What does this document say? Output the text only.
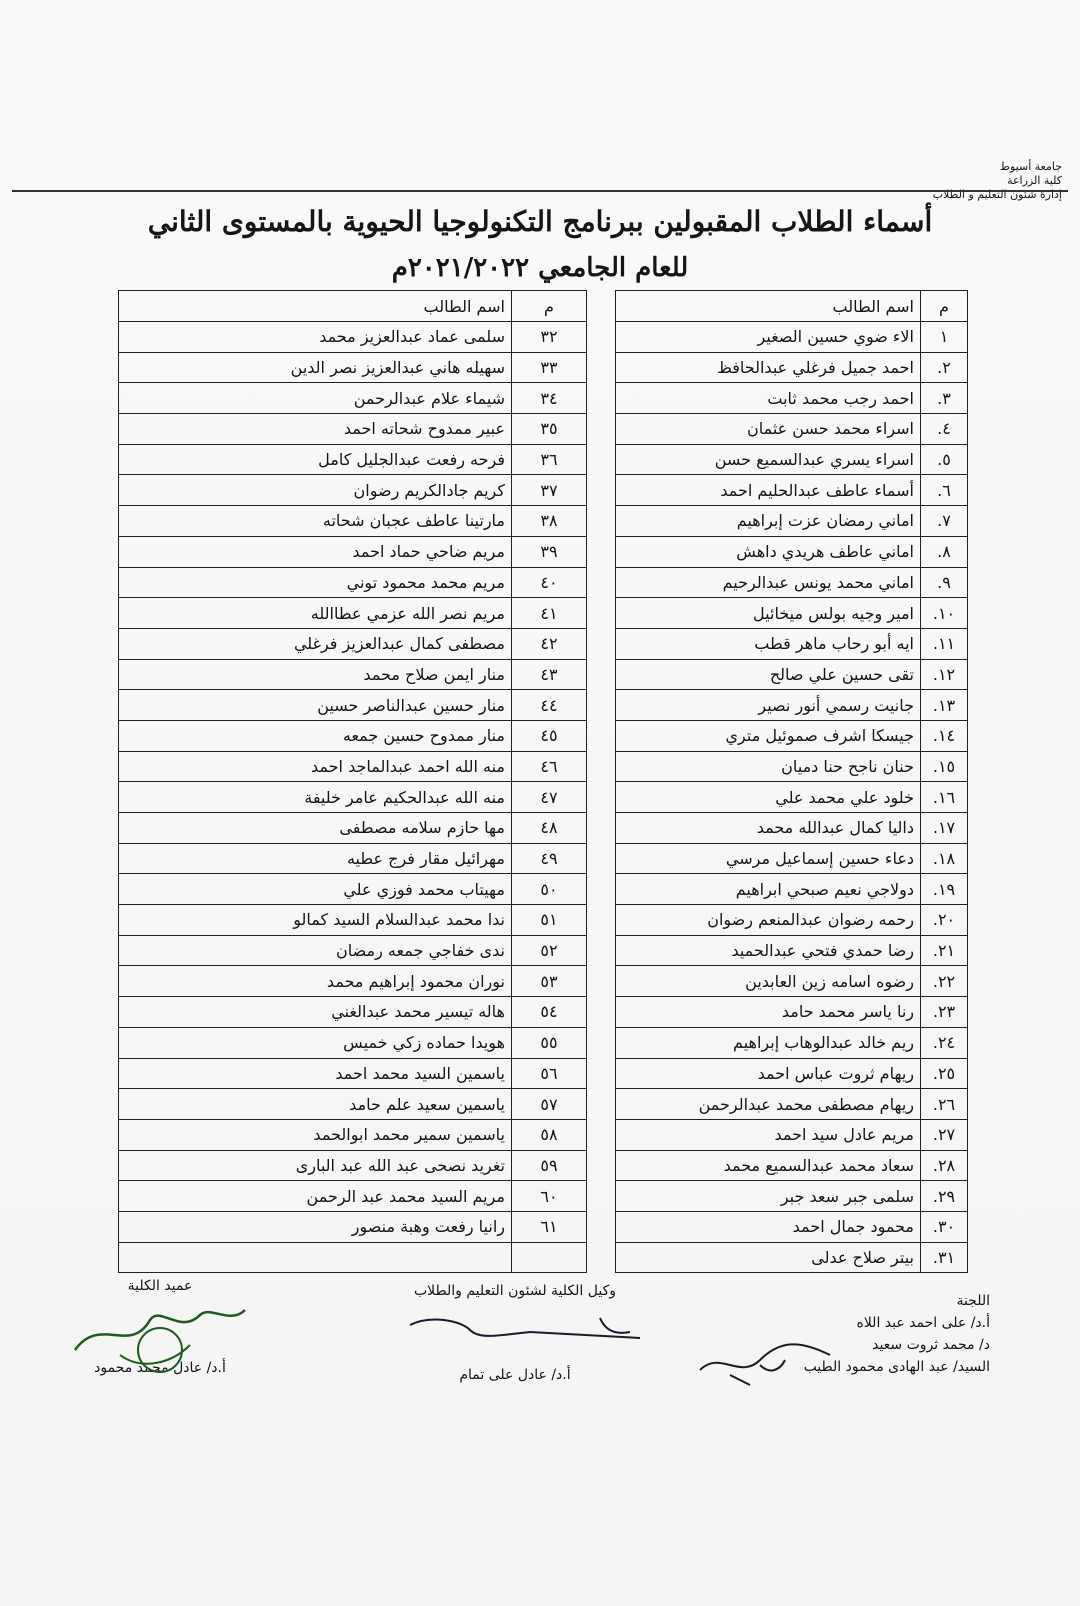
جامعة أسيوط
كلية الزراعة
إدارة شئون التعليم و الطلاب
أسماء الطلاب المقبولين ببرنامج التكنولوجيا الحيوية بالمستوى الثاني
للعام الجامعي ٢٠٢١/٢٠٢٢م
م	اسم الطالب		م	اسم الطالب
١	الاء ضوي حسين الصغير		٣٢	سلمى عماد عبدالعزيز محمد
٢.	احمد جميل فرغلي عبدالحافظ		٣٣	سهيله هاني عبدالعزيز نصر الدين
٣.	احمد رجب محمد ثابت		٣٤	شيماء علام عبدالرحمن
٤.	اسراء محمد حسن عثمان		٣٥	عبير ممدوح شحاته احمد
٥.	اسراء يسري عبدالسميع حسن		٣٦	فرحه رفعت عبدالجليل كامل
٦.	أسماء عاطف عبدالحليم احمد		٣٧	كريم جادالكريم رضوان
٧.	اماني رمضان عزت إبراهيم		٣٨	مارتينا عاطف عجبان شحاته
٨.	اماني عاطف هريدي داهش		٣٩	مريم ضاحي حماد احمد
٩.	اماني محمد يونس عبدالرحيم		٤٠	مريم محمد محمود توني
١٠.	امير وجيه بولس ميخائيل		٤١	مريم نصر الله عزمي عطاالله
١١.	ايه أبو رحاب ماهر قطب		٤٢	مصطفى كمال عبدالعزيز فرغلي
١٢.	تقى حسين علي صالح		٤٣	منار ايمن صلاح محمد
١٣.	جانيت رسمي أنور نصير		٤٤	منار حسين عبدالناصر حسين
١٤.	جيسكا اشرف صموئيل متري		٤٥	منار ممدوح حسين جمعه
١٥.	حنان ناجح حنا دميان		٤٦	منه الله احمد عبدالماجد احمد
١٦.	خلود علي محمد علي		٤٧	منه الله عبدالحكيم عامر خليفة
١٧.	داليا كمال عبدالله محمد		٤٨	مها حازم سلامه مصطفى
١٨.	دعاء حسين إسماعيل مرسي		٤٩	مهرائيل مقار فرج عطيه
١٩.	دولاجي نعيم صبحي ابراهيم		٥٠	مهيتاب محمد فوزي علي
٢٠.	رحمه رضوان عبدالمنعم رضوان		٥١	ندا محمد عبدالسلام السيد كمالو
٢١.	رضا حمدي فتحي عبدالحميد		٥٢	ندى خفاجي جمعه رمضان
٢٢.	رضوه اسامه زين العابدين		٥٣	نوران محمود إبراهيم محمد
٢٣.	رنا ياسر محمد حامد		٥٤	هاله تيسير محمد عبدالغني
٢٤.	ريم خالد عبدالوهاب إبراهيم		٥٥	هويدا حماده زكي خميس
٢٥.	ريهام ثروت عباس احمد		٥٦	ياسمين السيد محمد احمد
٢٦.	ريهام مصطفى محمد عبدالرحمن		٥٧	ياسمين سعيد علم حامد
٢٧.	مريم عادل سيد احمد		٥٨	ياسمين سمير محمد ابوالحمد
٢٨.	سعاد محمد عبدالسميع محمد		٥٩	تغريد نصحى عبد الله عبد البارى
٢٩.	سلمى جبر سعد جبر		٦٠	مريم السيد محمد عبد الرحمن
٣٠.	محمود جمال احمد		٦١	رانيا رفعت وهبة منصور
٣١.	بيتر صلاح عدلى			
اللجنة
أ.د/ على احمد عبد اللاه
د/ محمد ثروت سعيد
السيد/ عبد الهادى محمود الطيب
وكيل الكلية لشئون التعليم والطلاب
أ.د/ عادل على تمام
عميد الكلية
أ.د/ عادل محمد محمود
